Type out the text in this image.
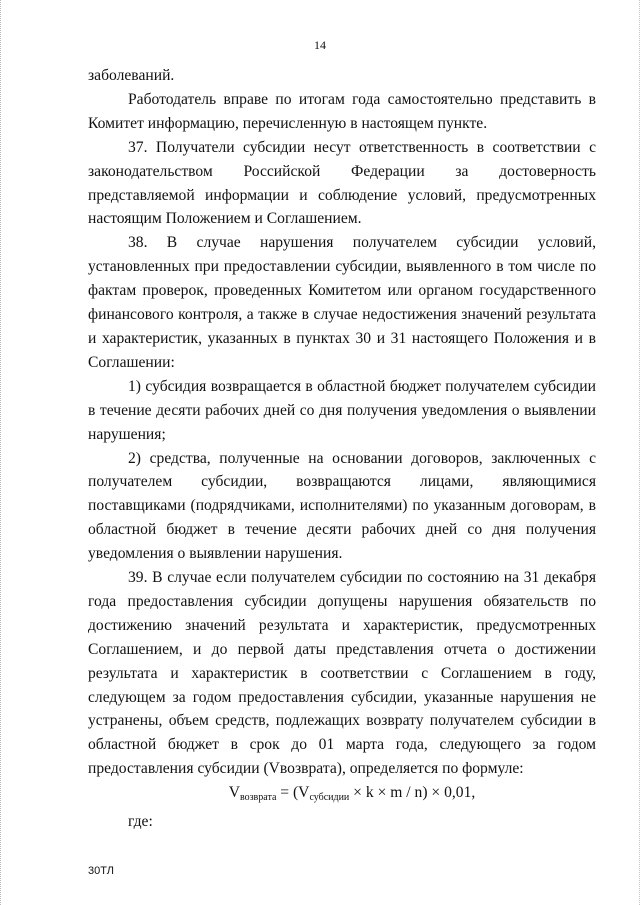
14

заболеваний.

Работодатель вправе по итогам года самостоятельно представить в Комитет информацию, перечисленную в настоящем пункте.

37. Получатели субсидии несут ответственность в соответствии с законодательством Российской Федерации за достоверность представляемой информации и соблюдение условий, предусмотренных настоящим Положением и Соглашением.

38. В случае нарушения получателем субсидии условий, установленных при предоставлении субсидии, выявленного в том числе по фактам проверок, проведенных Комитетом или органом государственного финансового контроля, а также в случае недостижения значений результата и характеристик, указанных в пунктах 30 и 31 настоящего Положения и в Соглашении:

1) субсидия возвращается в областной бюджет получателем субсидии в течение десяти рабочих дней со дня получения уведомления о выявлении нарушения;

2) средства, полученные на основании договоров, заключенных с получателем субсидии, возвращаются лицами, являющимися поставщиками (подрядчиками, исполнителями) по указанным договорам, в областной бюджет в течение десяти рабочих дней со дня получения уведомления о выявлении нарушения.

39. В случае если получателем субсидии по состоянию на 31 декабря года предоставления субсидии допущены нарушения обязательств по достижению значений результата и характеристик, предусмотренных Соглашением, и до первой даты представления отчета о достижении результата и характеристик в соответствии с Соглашением в году, следующем за годом предоставления субсидии, указанные нарушения не устранены, объем средств, подлежащих возврату получателем субсидии в областной бюджет в срок до 01 марта года, следующего за годом предоставления субсидии (Vвозврата), определяется по формуле:

$V_{возврата} = (V_{субсидии} \times k \times m / n) \times 0,01$,

где:

30ТЛ
